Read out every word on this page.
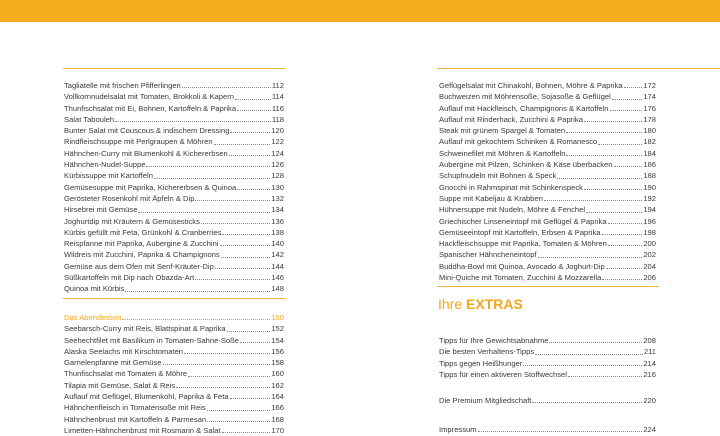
Tagliatelle mit frischen Pfifferlingen	112
Vollkornnudelsalat mit Tomaten, Brokkoli & Kapern	114
Thunfischsalat mit Ei, Bohnen, Kartoffeln & Paprika	116
Salat Tabouleh	118
Bunter Salat mit Couscous & indischem Dressing	120
Rindfleischsuppe mit Perlgraupen & Möhren	122
Hähnchen-Curry mit Blumenkohl & Kichererbsen	124
Hähnchen-Nudel-Suppe	126
Kürbissuppe mit Kartoffeln	128
Gemüsesuppe mit Paprika, Kichererbsen & Quinoa	130
Gerösteter Rosenkohl mit Äpfeln & Dip	132
Hirsebrei mit Gemüse	134
Joghurtdip mit Kräutern & Gemüsesticks	136
Kürbis gefüllt mit Feta, Grünkohl & Cranberries	138
Reispfanne mit Paprika, Aubergine & Zucchini	140
Wildreis mit Zucchini, Paprika & Champignons	142
Gemüse aus dem Ofen mit Senf-Kräuter-Dip	144
Süßkartoffeln mit Dip nach Obazda-Art	146
Quinoa mit Kürbis	148
Das Abendessen	150
Seebarsch-Curry mit Reis, Blattspinat & Paprika	152
Seehechtfilet mit Basilikum in Tomaten-Sahne-Soße	154
Alaska Seelachs mit Kirschtomaten	156
Garnelenpfanne mit Gemüse	158
Thunfischsalat mit Tomaten & Möhre	160
Tilapia mit Gemüse, Salat & Reis	162
Auflauf mit Geflügel, Blumenkohl, Paprika & Feta	164
Hähnchenfleisch in Tomatensoße mit Reis	166
Hähnchenbrust mit Kartoffeln & Parmesan	168
Limetten-Hähnchenbrust mit Rosmarin & Salat	170
Geflügelsalat mit Chinakohl, Bohnen, Möhre & Paprika	172
Buchweizen mit Möhrensoße, Sojasoße & Geflügel	174
Auflauf mit Hackfleisch, Champignons & Kartoffeln	176
Auflauf mit Rinderhack, Zucchini & Paprika	178
Steak mit grünem Spargel & Tomaten	180
Auflauf mit gekochtem Schinken & Romanesco	182
Schweinefilet mit Möhren & Kartoffeln	184
Aubergine mit Pilzen, Schinken & Käse überbacken	186
Schupfnudeln mit Bohnen & Speck	188
Gnocchi in Rahmspinat mit Schinkenspeck	190
Suppe mit Kabeljau & Krabben	192
Hühnersuppe mit Nudeln, Möhre & Fenchel	194
Griechischer Linseneintopf mit Geflügel & Paprika	196
Gemüseeintopf mit Kartoffeln, Erbsen & Paprika	198
Hackfleischsuppe mit Paprika, Tomaten & Möhren	200
Spanischer Hähncheneintopf	202
Buddha-Bowl mit Quinoa, Avocado & Joghurt-Dip	204
Mini-Quiche mit Tomaten, Zucchini & Mozzarella	206
Ihre EXTRAS
Tipps für Ihre Gewichtsabnahme	208
Die besten Verhaltens-Tipps	211
Tipps gegen Heißhunger	214
Tipps für einen aktiveren Stoffwechsel	216
Die Premium Mitgliedschaft	220
Impressum	224
